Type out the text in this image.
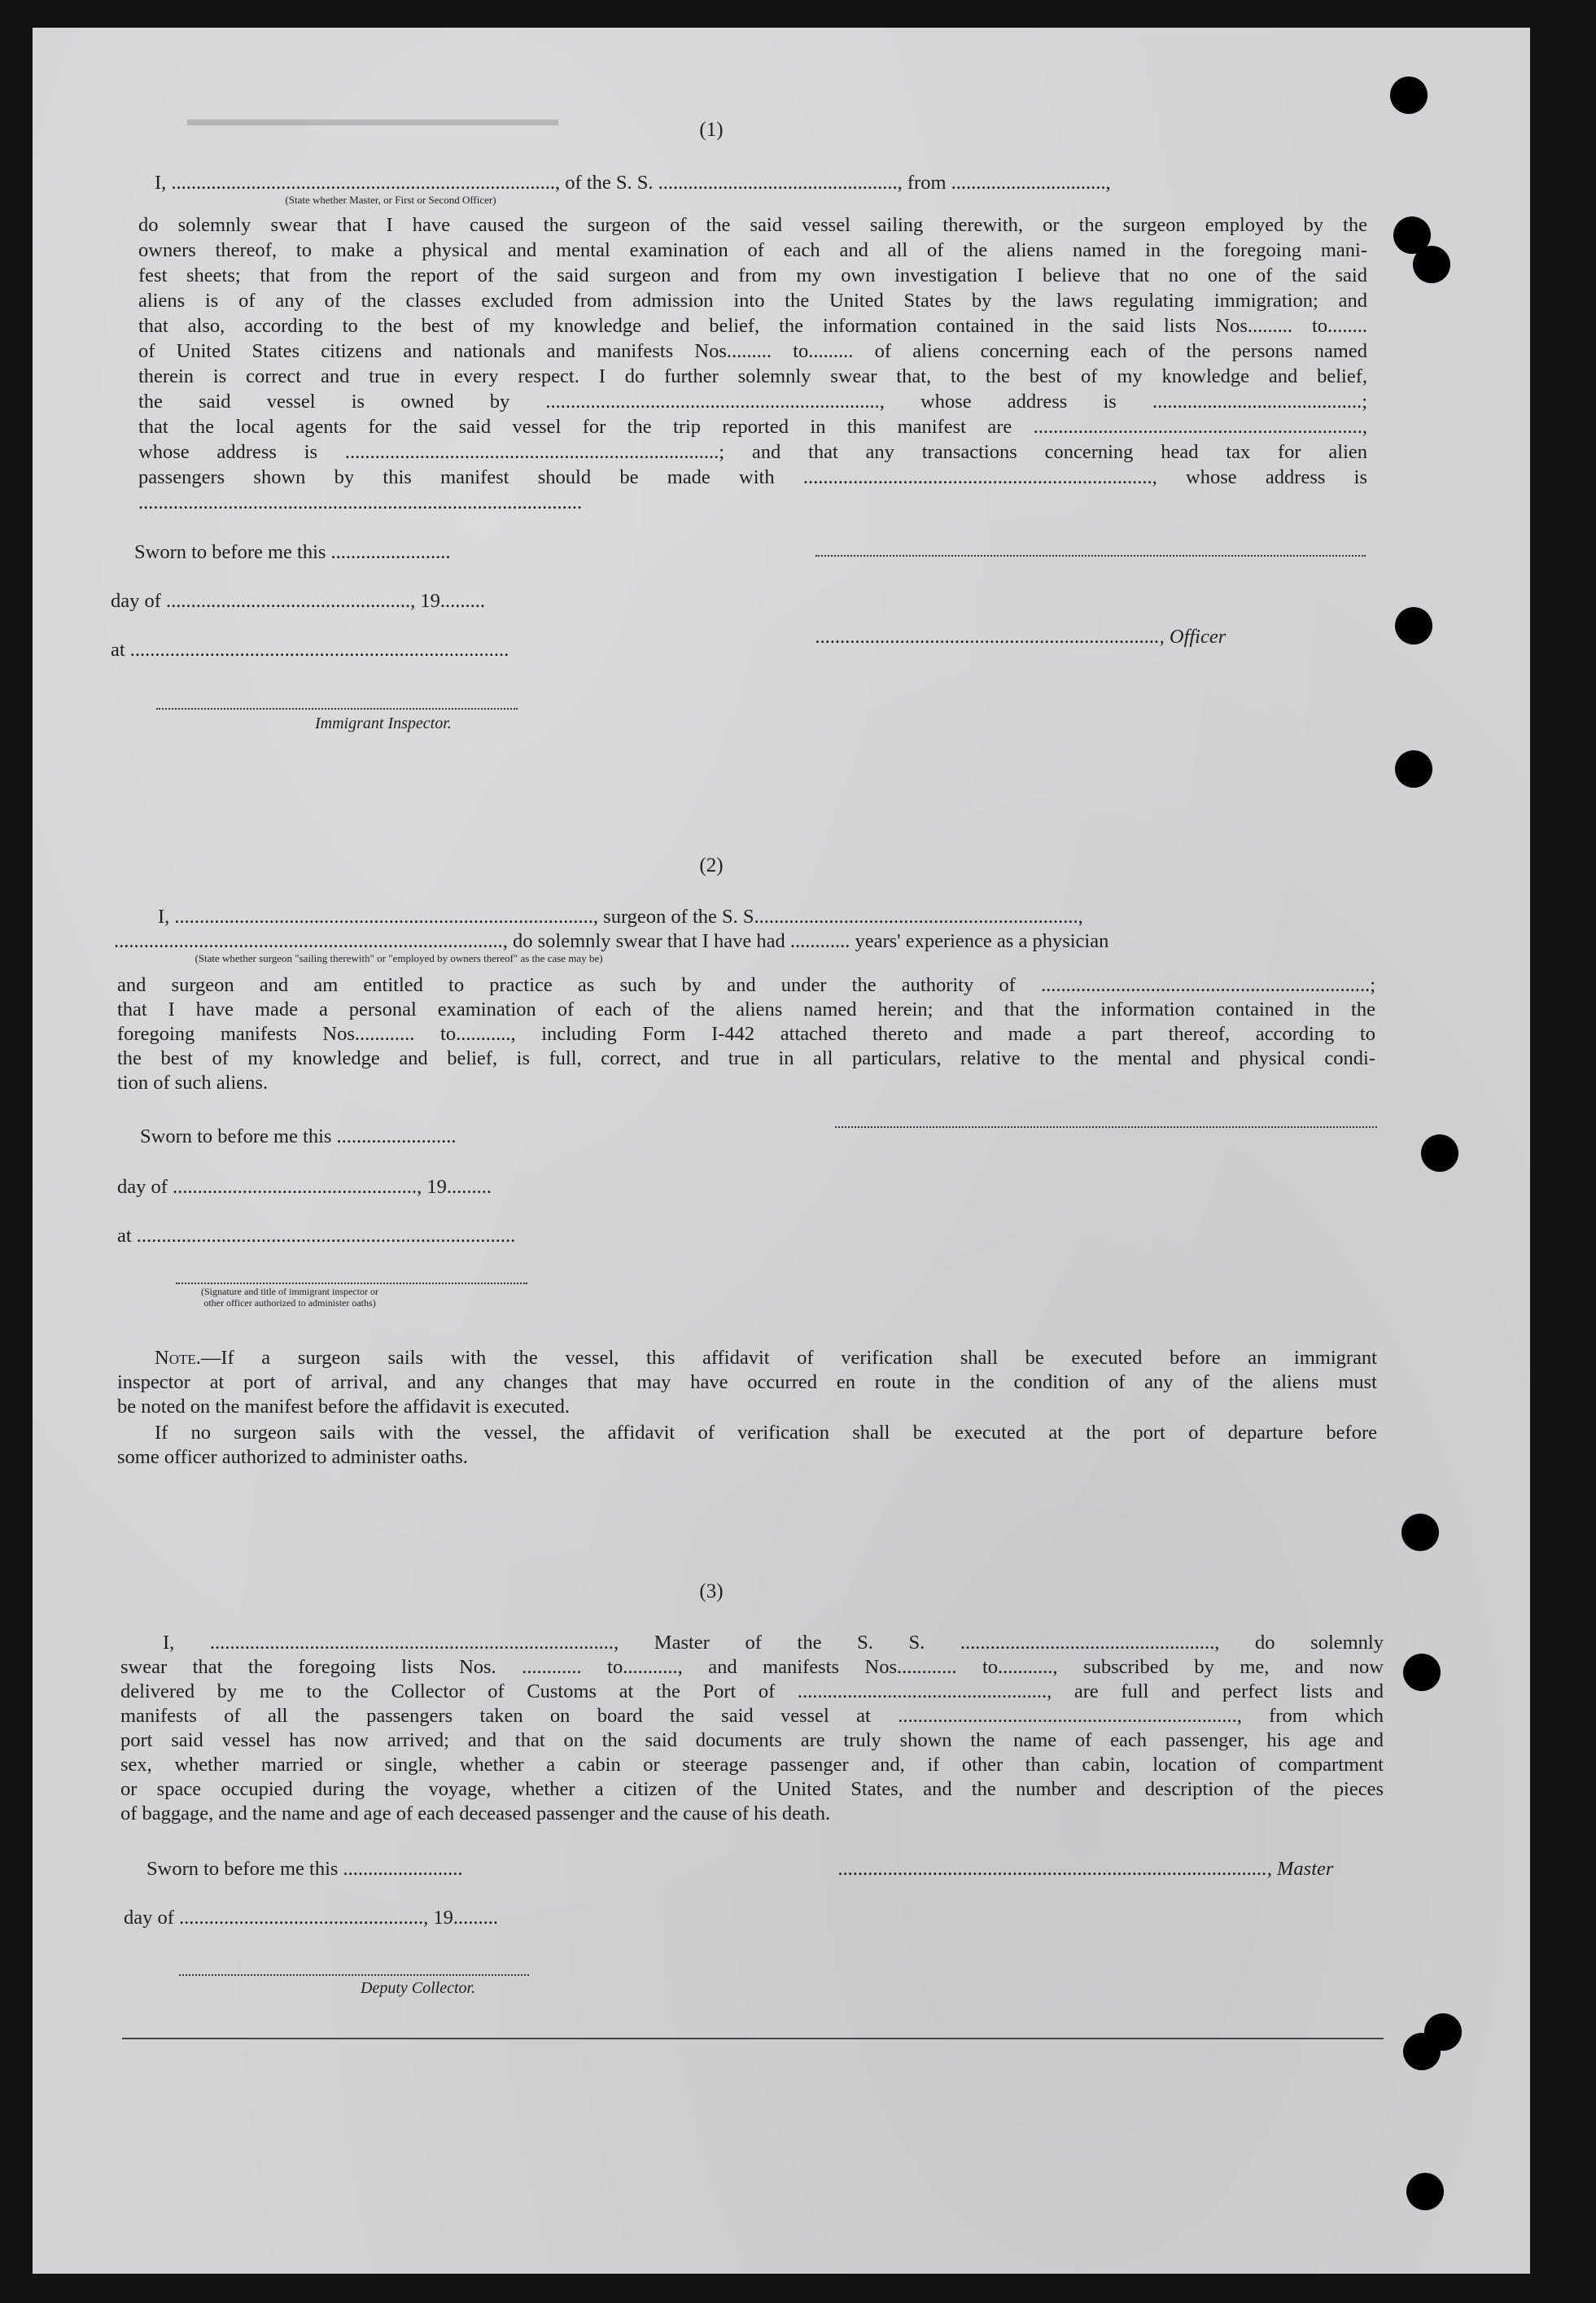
▬▬▬▬▬▬▬▬▬▬▬▬▬▬▬▬▬▬▬	(1)
I, ............................................................................., of the S. S. ................................................, from ...............................,
(State whether Master, or First or Second Officer)
do solemnly swear that I have caused the surgeon of the said vessel sailing therewith, or the surgeon employed by the
owners thereof, to make a physical and mental examination of each and all of the aliens named in the foregoing mani-
fest sheets; that from the report of the said surgeon and from my own investigation I believe that no one of the said
aliens is of any of the classes excluded from admission into the United States by the laws regulating immigration; and
that also, according to the best of my knowledge and belief, the information contained in the said lists Nos......... to........
of United States citizens and nationals and manifests Nos......... to......... of aliens concerning each of the persons named
therein is correct and true in every respect. I do further solemnly swear that, to the best of my knowledge and belief,
the said vessel is owned by ..................................................................., whose address is ..........................................;
that the local agents for the said vessel for the trip reported in this manifest are ..................................................................,
whose address is ...........................................................................; and that any transactions concerning head tax for alien
passengers shown by this manifest should be made with ......................................................................, whose address is
.........................................................................................
Sworn to before me this ........................
day of ................................................., 19.........
....................................................................., Officer
at ............................................................................
Immigrant Inspector.
(2)
I, ...................................................................................., surgeon of the S. S.................................................................,
.............................................................................., do solemnly swear that I have had ............ years' experience as a physician
(State whether surgeon "sailing therewith" or "employed by owners thereof" as the case may be)
and surgeon and am entitled to practice as such by and under the authority of ..................................................................;
that I have made a personal examination of each of the aliens named herein; and that the information contained in the
foregoing manifests Nos............ to..........., including Form I-442 attached thereto and made a part thereof, according to
the best of my knowledge and belief, is full, correct, and true in all particulars, relative to the mental and physical condi-
tion of such aliens.
Sworn to before me this ........................
day of ................................................., 19.........
at ............................................................................
(Signature and title of immigrant inspector or other officer authorized to administer oaths)
Note.—If a surgeon sails with the vessel, this affidavit of verification shall be executed before an immigrant
inspector at port of arrival, and any changes that may have occurred en route in the condition of any of the aliens must
be noted on the manifest before the affidavit is executed.
If no surgeon sails with the vessel, the affidavit of verification shall be executed at the port of departure before
some officer authorized to administer oaths.
(3)
I, ................................................................................., Master of the S. S. ..................................................., do solemnly
swear that the foregoing lists Nos. ............ to..........., and manifests Nos............ to..........., subscribed by me, and now
delivered by me to the Collector of Customs at the Port of .................................................., are full and perfect lists and
manifests of all the passengers taken on board the said vessel at ...................................................................., from which
port said vessel has now arrived; and that on the said documents are truly shown the name of each passenger, his age and
sex, whether married or single, whether a cabin or steerage passenger and, if other than cabin, location of compartment
or space occupied during the voyage, whether a citizen of the United States, and the number and description of the pieces
of baggage, and the name and age of each deceased passenger and the cause of his death.
Sworn to before me this ........................	......................................................................................, Master
day of ................................................., 19.........
Deputy Collector.
